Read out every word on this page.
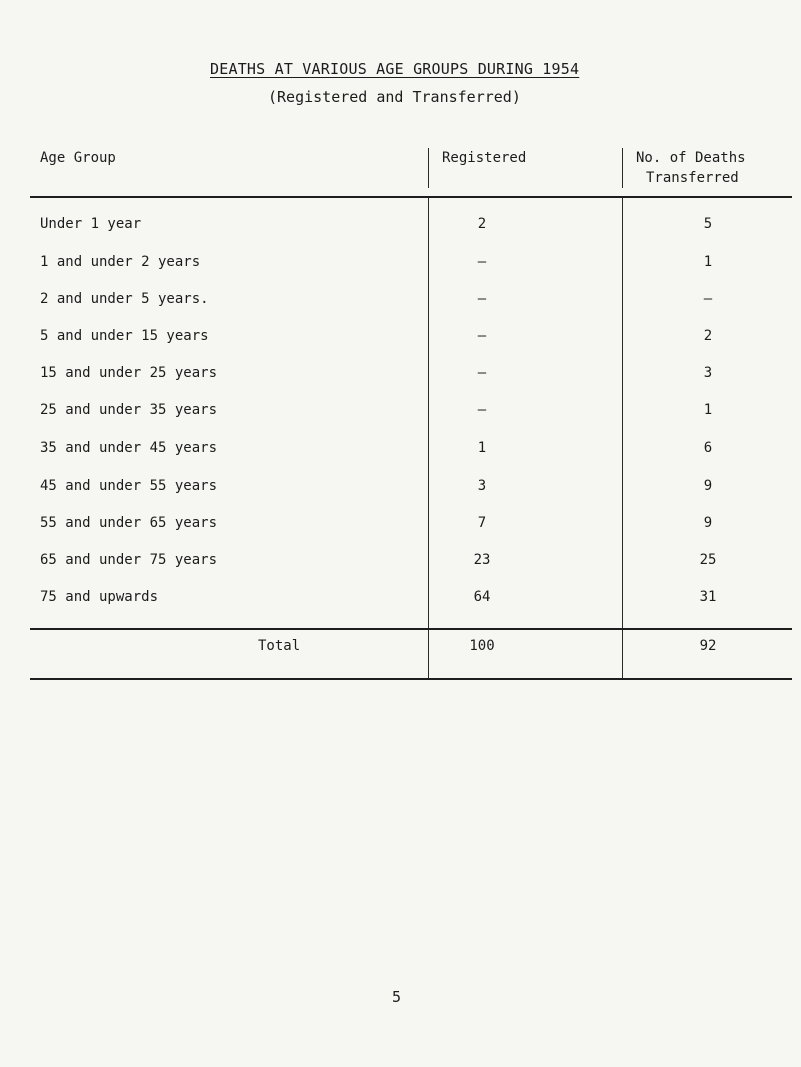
DEATHS AT VARIOUS AGE GROUPS DURING 1954
(Registered and Transferred)
Age Group	Registered	No. of Deaths
Transferred
Under 1 year	2	5
1 and under 2 years	–	1
2 and under 5 years.	–	–
5 and under 15 years	–	2
15 and under 25 years	–	3
25 and under 35 years	–	1
35 and under 45 years	1	6
45 and under 55 years	3	9
55 and under 65 years	7	9
65 and under 75 years	23	25
75 and upwards	64	31
Total	100	92
5
